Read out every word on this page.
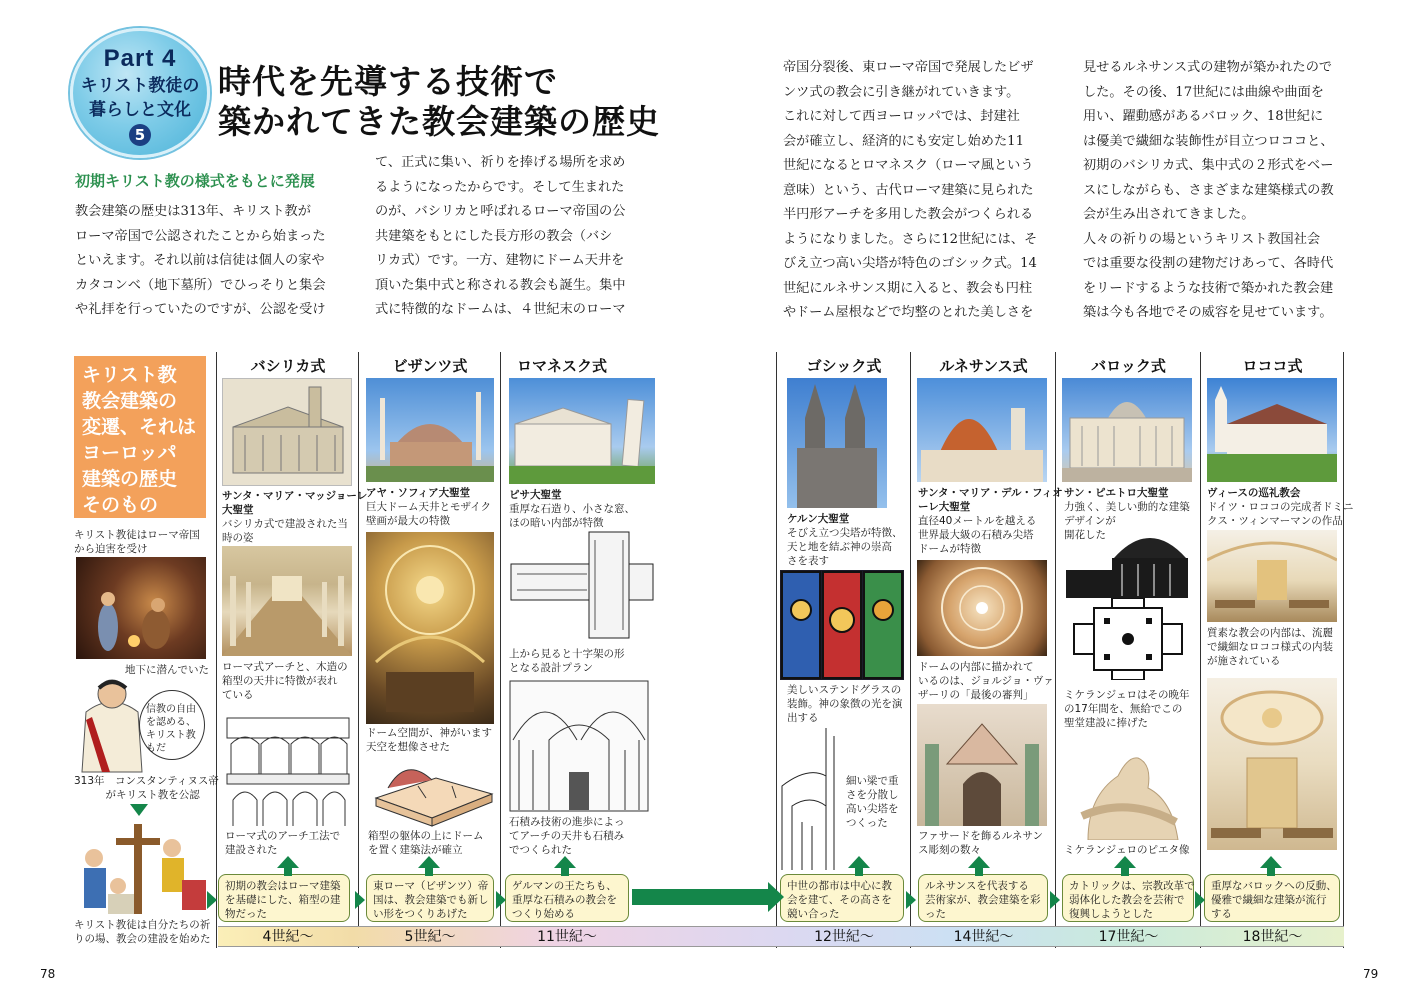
Part 4
キリスト教徒の
暮らしと文化
5
時代を先導する技術で
築かれてきた教会建築の歴史
初期キリスト教の様式をもとに発展

教会建築の歴史は313年、キリスト教が

ローマ帝国で公認されたことから始まった

といえます。それ以前は信徒は個人の家や

カタコンベ（地下墓所）でひっそりと集会

や礼拝を行っていたのですが、公認を受け

て、正式に集い、祈りを捧げる場所を求め

るようになったからです。そして生まれた

のが、バシリカと呼ばれるローマ帝国の公

共建築をもとにした長方形の教会（バシ

リカ式）です。一方、建物にドーム天井を

頂いた集中式と称される教会も誕生。集中

式に特徴的なドームは、４世紀末のローマ

帝国分裂後、東ローマ帝国で発展したビザ

ンツ式の教会に引き継がれていきます。

これに対して西ヨーロッパでは、封建社

会が確立し、経済的にも安定し始めた11

世紀になるとロマネスク（ローマ風という

意味）という、古代ローマ建築に見られた

半円形アーチを多用した教会がつくられる

ようになりました。さらに12世紀には、そ

びえ立つ高い尖塔が特色のゴシック式。14

世紀にルネサンス期に入ると、教会も円柱

やドーム屋根などで均整のとれた美しさを

見せるルネサンス式の建物が築かれたので

した。その後、17世紀には曲線や曲面を

用い、躍動感があるバロック、18世紀に

は優美で繊細な装飾性が目立つロココと、

初期のバシリカ式、集中式の２形式をベー

スにしながらも、さまざまな建築様式の教

会が生み出されてきました。

人々の祈りの場というキリスト教国社会

では重要な役割の建物だけあって、各時代

をリードするような技術で築かれた教会建

築は今も各地でその威容を見せています。

バシリカ式	ビザンツ式	ロマネスク式	ゴシック式	ルネサンス式	バロック式	ロココ式
キリスト教
教会建築の
変遷、それは
ヨーロッパ
建築の歴史
そのもの
キリスト教徒はローマ帝国
から迫害を受け
地下に潜んでいた
信教の自由
を認める、
キリスト教
もだ
313年　コンスタンティヌス帝
　　　がキリスト教を公認
キリスト教徒は自分たちの祈
りの場、教会の建設を始めた
サンタ・マリア・マッジョーレ
大聖堂
バシリカ式で建設された当
時の姿
ローマ式アーチと、木造の
箱型の天井に特徴が表れ
ている
ローマ式のアーチ工法で
建設された
アヤ・ソフィア大聖堂
巨大ドーム天井とモザイク
壁画が最大の特徴
ドーム空間が、神がいます
天空を想像させた
箱型の躯体の上にドーム
を置く建築法が確立
ピサ大聖堂
重厚な石造り、小さな窓、
ほの暗い内部が特徴
上から見ると十字架の形
となる設計プラン
石積み技術の進歩によっ
てアーチの天井も石積み
でつくられた
ケルン大聖堂
そびえ立つ尖塔が特徴、
天と地を結ぶ神の崇高
さを表す
美しいステンドグラスの
装飾。神の象徴の光を演
出する
細い梁で重
さを分散し
高い尖塔を
つくった
サンタ・マリア・デル・フィオ
ーレ大聖堂
直径40メートルを越える
世界最大級の石積み尖塔
ドームが特徴
ドームの内部に描かれて
いるのは、ジョルジョ・ヴァ
ザーリの「最後の審判」
ファサードを飾るルネサン
ス彫刻の数々
サン・ピエトロ大聖堂
力強く、美しい動的な建築
デザインが
開花した
ミケランジェロはその晩年
の17年間を、無給でこの
聖堂建設に捧げた
ミケランジェロのピエタ像
ヴィースの巡礼教会
ドイツ・ロココの完成者ドミニ
クス・ツィンマーマンの作品
質素な教会の内部は、流麗
で繊細なロココ様式の内装
が施されている
初期の教会はローマ建築
を基礎にした、箱型の建
物だった
東ローマ（ビザンツ）帝
国は、教会建築でも新し
い形をつくりあげた
ゲルマンの王たちも、
重厚な石積みの教会を
つくり始める
中世の都市は中心に教
会を建て、その高さを
競い合った
ルネサンスを代表する
芸術家が、教会建築を彩
った
カトリックは、宗教改革で
弱体化した教会を芸術で
復興しようとした
重厚なバロックへの反動、
優雅で繊細な建築が流行
する
4世紀～	5世紀～	11世紀～	12世紀～	14世紀～	17世紀～	18世紀～
78	79
